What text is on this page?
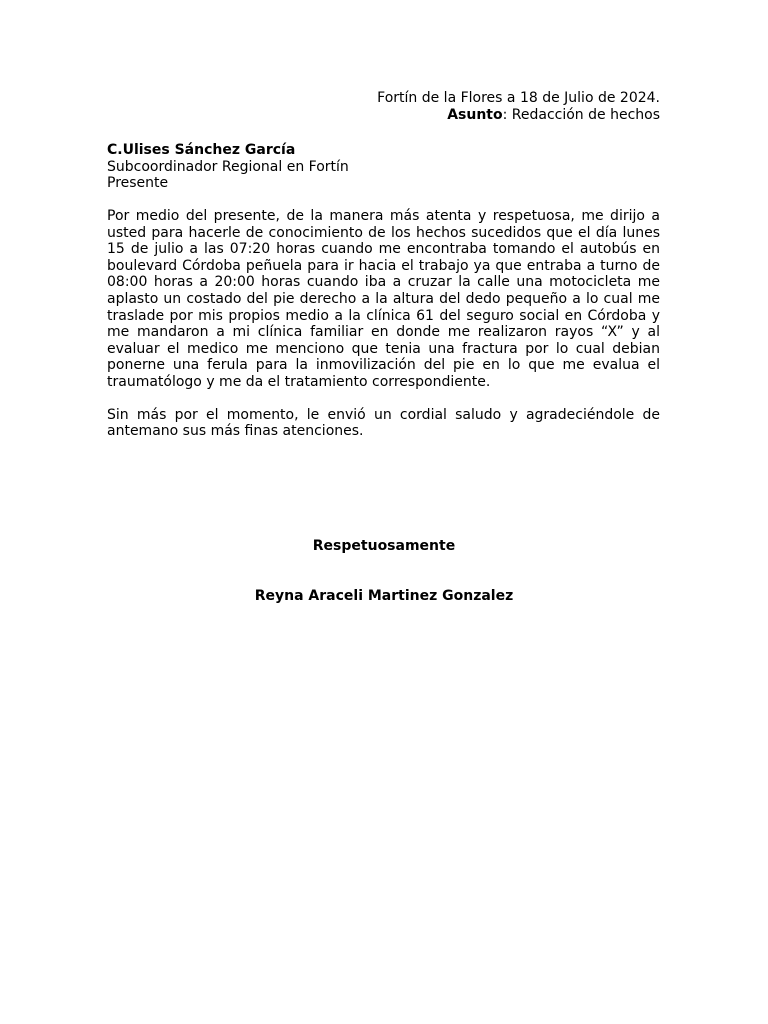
Fortín de la Flores a 18 de Julio de 2024.
Asunto: Redacción de hechos
C.Ulises Sánchez García
Subcoordinador Regional en Fortín
Presente
Por medio del presente, de la manera más atenta y respetuosa, me dirijo a usted para hacerle de conocimiento de los hechos sucedidos que el día lunes 15 de julio a las 07:20 horas cuando me encontraba tomando el autobús en boulevard Córdoba peñuela para ir hacia el trabajo ya que entraba a turno de 08:00 horas a 20:00 horas cuando iba a cruzar la calle una motocicleta me aplasto un costado del pie derecho a la altura del dedo pequeño a lo cual me traslade por mis propios medio a la clínica 61 del seguro social en Córdoba y me mandaron a mi clínica familiar en donde me realizaron rayos “X” y al evaluar el medico me menciono que tenia una fractura por lo cual debian ponerne una ferula para la inmovilización del pie en lo que me evalua el traumatólogo y me da el tratamiento correspondiente.
Sin más por el momento, le envió un cordial saludo y agradeciéndole de antemano sus más finas atenciones.
Respetuosamente
Reyna Araceli Martinez Gonzalez
